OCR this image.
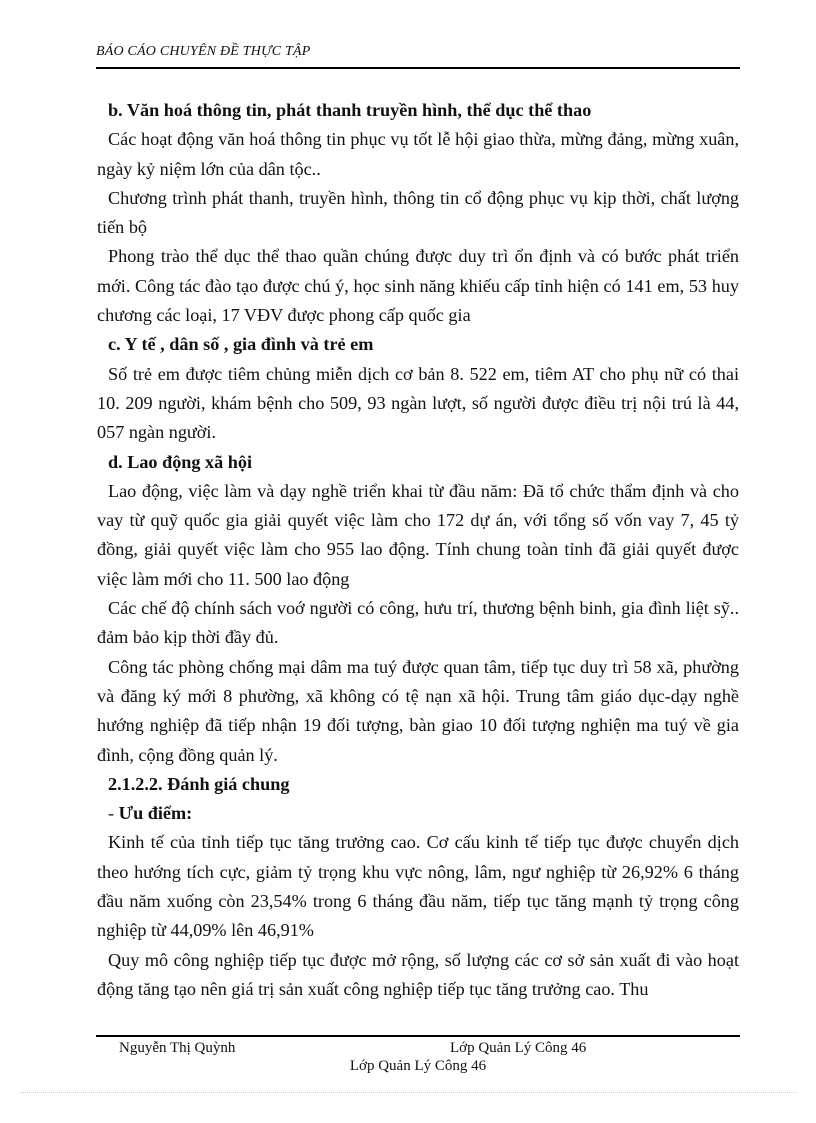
BÁO CÁO CHUYÊN ĐỀ THỰC TẬP
b. Văn hoá thông tin, phát thanh truyền hình, thể dục thể thao

Các hoạt động văn hoá thông tin phục vụ tốt lễ hội giao thừa, mừng đảng, mừng xuân, ngày kỷ niệm lớn của dân tộc..

Chương trình phát thanh, truyền hình, thông tin cổ động phục vụ kịp thời, chất lượng tiến bộ

Phong trào thể dục thể thao quần chúng được duy trì ổn định và có bước phát triển mới. Công tác đào tạo được chú ý, học sinh năng khiếu cấp tỉnh hiện có 141 em, 53 huy chương các loại, 17 VĐV được phong cấp quốc gia

c. Y tế , dân số , gia đình và trẻ em

Số trẻ em được tiêm chủng miễn dịch cơ bản 8. 522 em, tiêm AT cho phụ nữ có thai 10. 209 người, khám bệnh cho 509, 93 ngàn lượt, số người được điều trị nội trú là 44, 057 ngàn người.

d. Lao động xã hội

Lao động, việc làm và dạy nghề triển khai từ đầu năm: Đã tổ chức thẩm định và cho vay từ quỹ quốc gia giải quyết việc làm cho 172 dự án, với tổng số vốn vay 7, 45 tỷ đồng, giải quyết việc làm cho 955 lao động. Tính chung toàn tỉnh đã giải quyết được việc làm mới cho 11. 500 lao động

Các chế độ chính sách voớ người có công, hưu trí, thương bệnh binh, gia đình liệt sỹ.. đảm bảo kịp thời đầy đủ.

Công tác phòng chống mại dâm ma tuý được quan tâm, tiếp tục duy trì 58 xã, phường và đăng ký mới 8 phường, xã không có tệ nạn xã hội. Trung tâm giáo dục-dạy nghề hướng nghiệp đã tiếp nhận 19 đối tượng, bàn giao 10 đối tượng nghiện ma tuý về gia đình, cộng đồng quản lý.

2.1.2.2. Đánh giá chung
- Ưu điểm:

Kinh tế của tỉnh tiếp tục tăng trưởng cao. Cơ cấu kinh tế tiếp tục được chuyển dịch theo hướng tích cực, giảm tỷ trọng khu vực nông, lâm, ngư nghiệp từ 26,92% 6 tháng đầu năm xuống còn 23,54% trong 6 tháng đầu năm, tiếp tục tăng mạnh tỷ trọng công nghiệp từ 44,09% lên 46,91%

Quy mô công nghiệp tiếp tục được mở rộng, số lượng các cơ sở sản xuất đi vào hoạt động tăng tạo nên giá trị sản xuất công nghiệp tiếp tục tăng trưởng cao. Thu

Nguyễn Thị Quỳnh	Lớp Quản Lý Công 46
Lớp Quản Lý Công 46
